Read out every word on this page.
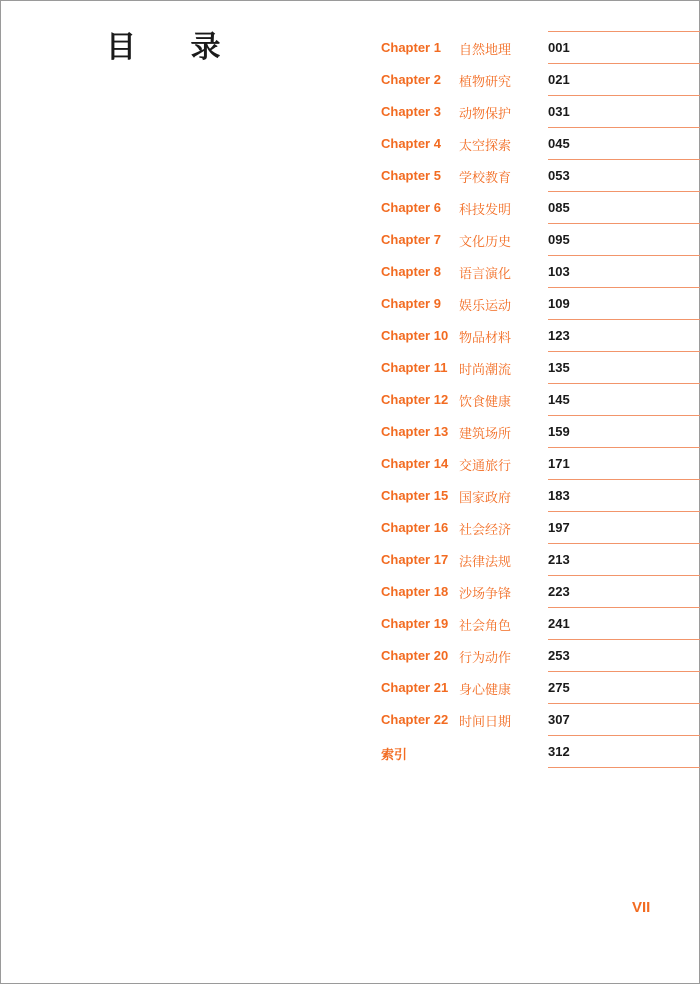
目 录	Chapter 1 自然地理	001
Chapter 2 植物研究	021
Chapter 3 动物保护	031
Chapter 4 太空探索	045
Chapter 5 学校教育	053
Chapter 6 科技发明	085
Chapter 7 文化历史	095
Chapter 8 语言演化	103
Chapter 9 娱乐运动	109
Chapter 10 物品材料	123
Chapter 11 时尚潮流	135
Chapter 12 饮食健康	145
Chapter 13 建筑场所	159
Chapter 14 交通旅行	171
Chapter 15 国家政府	183
Chapter 16 社会经济	197
Chapter 17 法律法规	213
Chapter 18 沙场争锋	223
Chapter 19 社会角色	241
Chapter 20 行为动作	253
Chapter 21 身心健康	275
Chapter 22 时间日期	307
索引	312
VII
